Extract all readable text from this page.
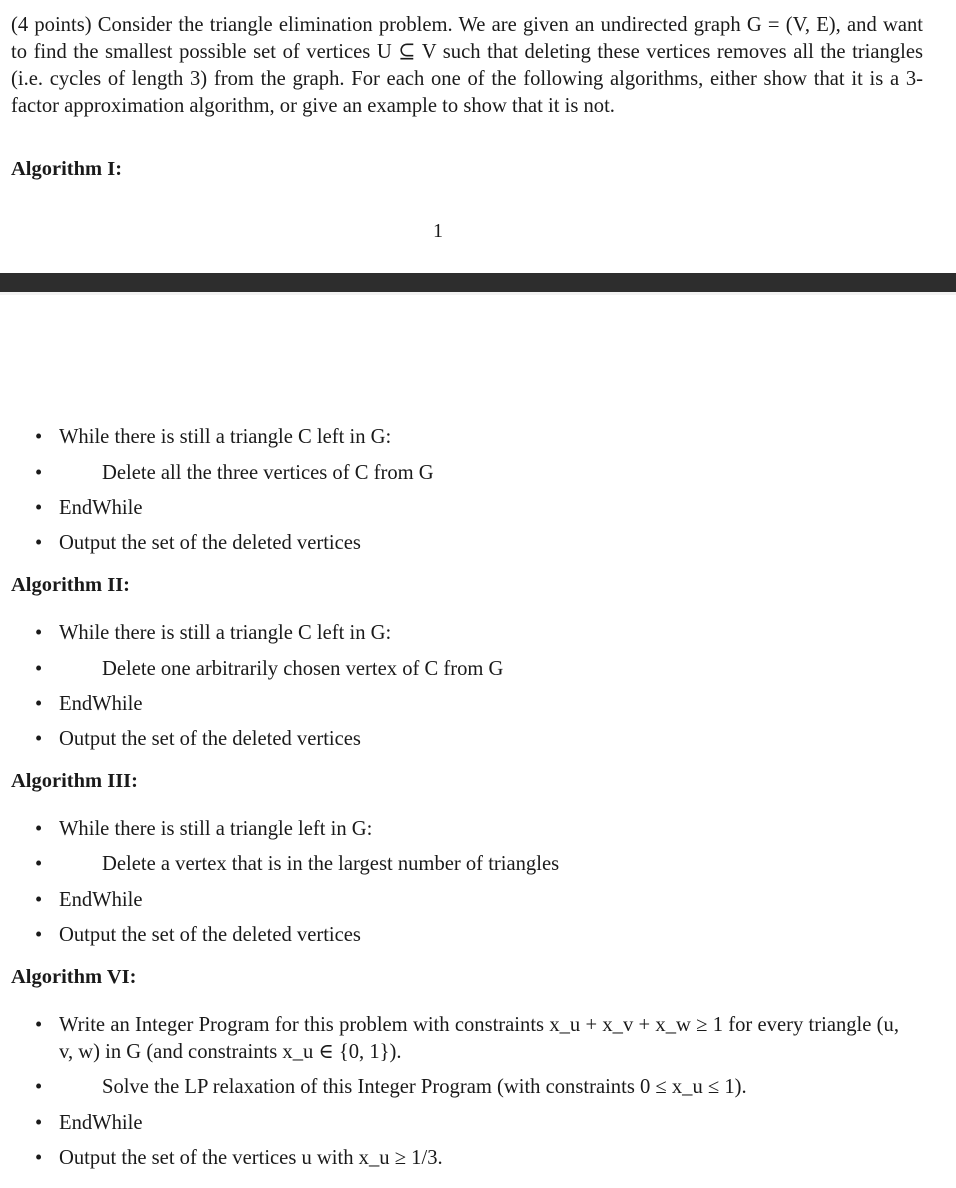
(4 points) Consider the triangle elimination problem. We are given an undirected graph G = (V, E), and want to find the smallest possible set of vertices U ⊆ V such that deleting these vertices removes all the triangles (i.e. cycles of length 3) from the graph. For each one of the following algorithms, either show that it is a 3-factor approximation algorithm, or give an example to show that it is not.
Algorithm I:
1
• While there is still a triangle C left in G:
•	Delete all the three vertices of C from G
• EndWhile
• Output the set of the deleted vertices
Algorithm II:
• While there is still a triangle C left in G:
•	Delete one arbitrarily chosen vertex of C from G
• EndWhile
• Output the set of the deleted vertices
Algorithm III:
• While there is still a triangle left in G:
•	Delete a vertex that is in the largest number of triangles
• EndWhile
• Output the set of the deleted vertices
Algorithm VI:
• Write an Integer Program for this problem with constraints x_u + x_v + x_w ≥ 1 for every triangle (u, v, w) in G (and constraints x_u ∈ {0, 1}).
•	Solve the LP relaxation of this Integer Program (with constraints 0 ≤ x_u ≤ 1).
• EndWhile
• Output the set of the vertices u with x_u ≥ 1/3.
